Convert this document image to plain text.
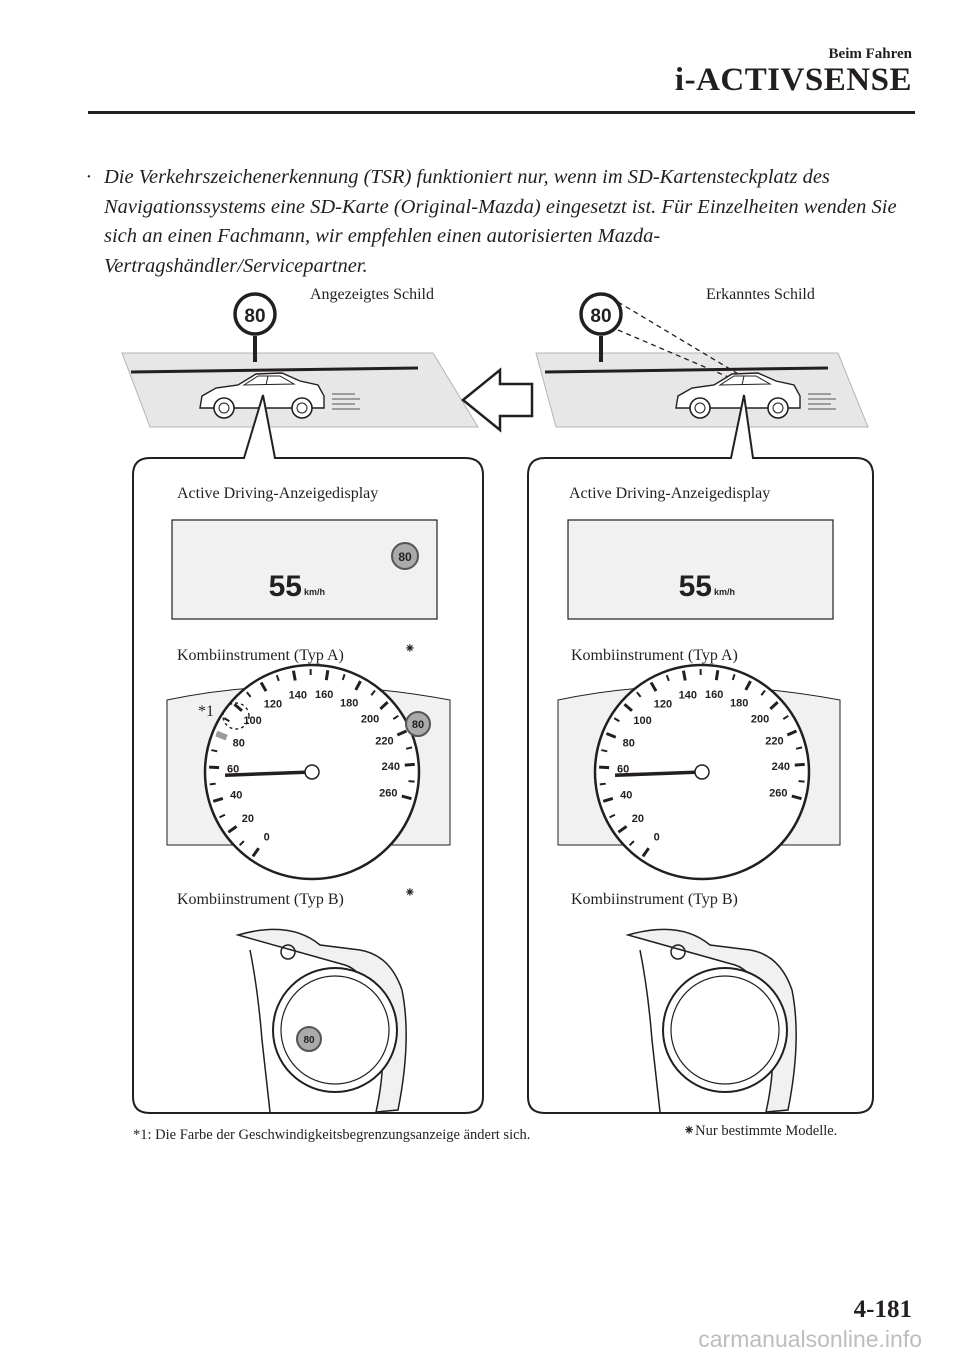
Beim Fahren
i-ACTIVSENSE
· Die Verkehrszeichenerkennung (TSR) funktioniert nur, wenn im SD-Kartensteckplatz des Navigationssystems eine SD-Karte (Original-Mazda) eingesetzt ist. Für Einzelheiten wenden Sie sich an einen Fachmann, wir empfehlen einen autorisierten Mazda-Vertragshändler/Servicepartner.
80	80
80
55 km/h	55 km/h
0
20
40
60
80
100
120
140 160
180
200
220
240
260
0
20
40
60
80
100
120
140 160
180
200
220
240
260
80
80
Angezeigtes Schild	Erkanntes Schild
Active Driving-Anzeigedisplay
Kombiinstrument (Typ A)	⁕
*1
Kombiinstrument (Typ B)	⁕
Active Driving-Anzeigedisplay
Kombiinstrument (Typ A)
Kombiinstrument (Typ B)
*1: Die Farbe der Geschwindigkeitsbegrenzungsanzeige ändert sich.	⁕Nur bestimmte Modelle.
4-181
carmanualsonline.info
